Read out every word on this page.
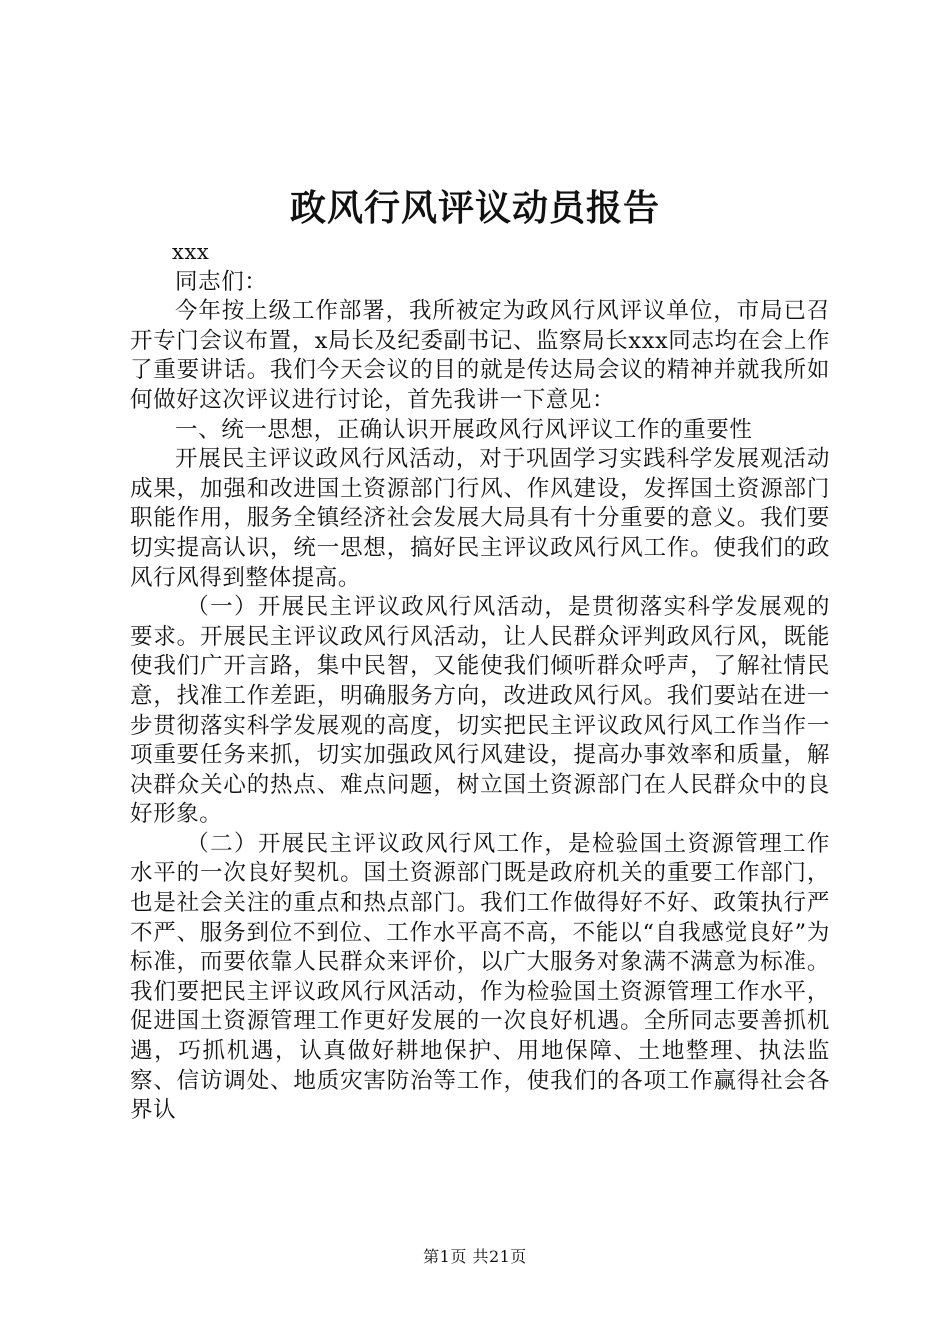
政风行风评议动员报告

xxx

同志们：

今年按上级工作部署，我所被定为政风行风评议单位，市局已召开专门会议布置，x局长及纪委副书记、监察局长xxx同志均在会上作了重要讲话。我们今天会议的目的就是传达局会议的精神并就我所如何做好这次评议进行讨论，首先我讲一下意见：

一、统一思想，正确认识开展政风行风评议工作的重要性

开展民主评议政风行风活动，对于巩固学习实践科学发展观活动成果，加强和改进国土资源部门行风、作风建设，发挥国土资源部门职能作用，服务全镇经济社会发展大局具有十分重要的意义。我们要切实提高认识，统一思想，搞好民主评议政风行风工作。使我们的政风行风得到整体提高。

（一）开展民主评议政风行风活动，是贯彻落实科学发展观的要求。开展民主评议政风行风活动，让人民群众评判政风行风，既能使我们广开言路，集中民智，又能使我们倾听群众呼声，了解社情民意，找准工作差距，明确服务方向，改进政风行风。我们要站在进一步贯彻落实科学发展观的高度，切实把民主评议政风行风工作当作一项重要任务来抓，切实加强政风行风建设，提高办事效率和质量，解决群众关心的热点、难点问题，树立国土资源部门在人民群众中的良好形象。

（二）开展民主评议政风行风工作，是检验国土资源管理工作水平的一次良好契机。国土资源部门既是政府机关的重要工作部门，也是社会关注的重点和热点部门。我们工作做得好不好、政策执行严不严、服务到位不到位、工作水平高不高，不能以“自我感觉良好”为标准，而要依靠人民群众来评价，以广大服务对象满不满意为标准。我们要把民主评议政风行风活动，作为检验国土资源管理工作水平，促进国土资源管理工作更好发展的一次良好机遇。全所同志要善抓机遇，巧抓机遇，认真做好耕地保护、用地保障、土地整理、执法监察、信访调处、地质灾害防治等工作，使我们的各项工作赢得社会各界认

第1页 共21页
